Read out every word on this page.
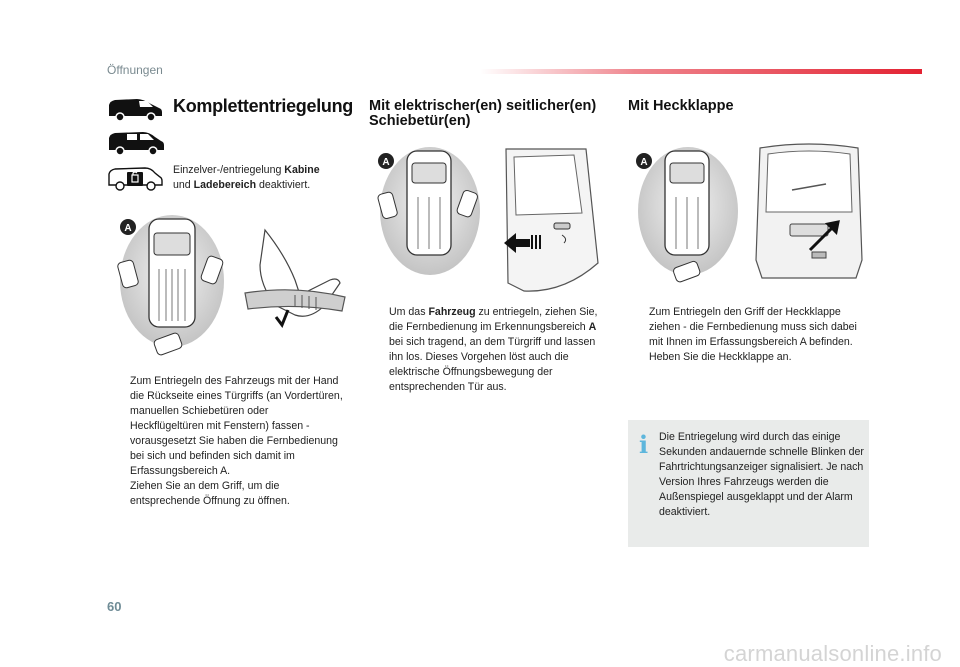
Öffnungen
Komplettentriegelung
Einzelver-/entriegelung Kabine
und Ladebereich deaktiviert.
A
Zum Entriegeln des Fahrzeugs mit der Hand die Rückseite eines Türgriffs (an Vordertüren, manuellen Schiebetüren oder Heckflügeltüren mit Fenstern) fassen - vorausgesetzt Sie haben die Fernbedienung bei sich und befinden sich damit im Erfassungsbereich A.
Ziehen Sie an dem Griff, um die entsprechende Öffnung zu öffnen.
Mit elektrischer(en) seitlicher(en) Schiebetür(en)
A
Um das Fahrzeug zu entriegeln, ziehen Sie, die Fernbedienung im Erkennungsbereich A bei sich tragend, an dem Türgriff und lassen ihn los. Dieses Vorgehen löst auch die elektrische Öffnungsbewegung der entsprechenden Tür aus.
Mit Heckklappe
A
Zum Entriegeln den Griff der Heckklappe ziehen - die Fernbedienung muss sich dabei mit Ihnen im Erfassungsbereich A befinden.
Heben Sie die Heckklappe an.
i Die Entriegelung wird durch das einige Sekunden andauernde schnelle Blinken der Fahrtrichtungsanzeiger signalisiert. Je nach Version Ihres Fahrzeugs werden die Außenspiegel ausgeklappt und der Alarm deaktiviert.
60
carmanualsonline.info
